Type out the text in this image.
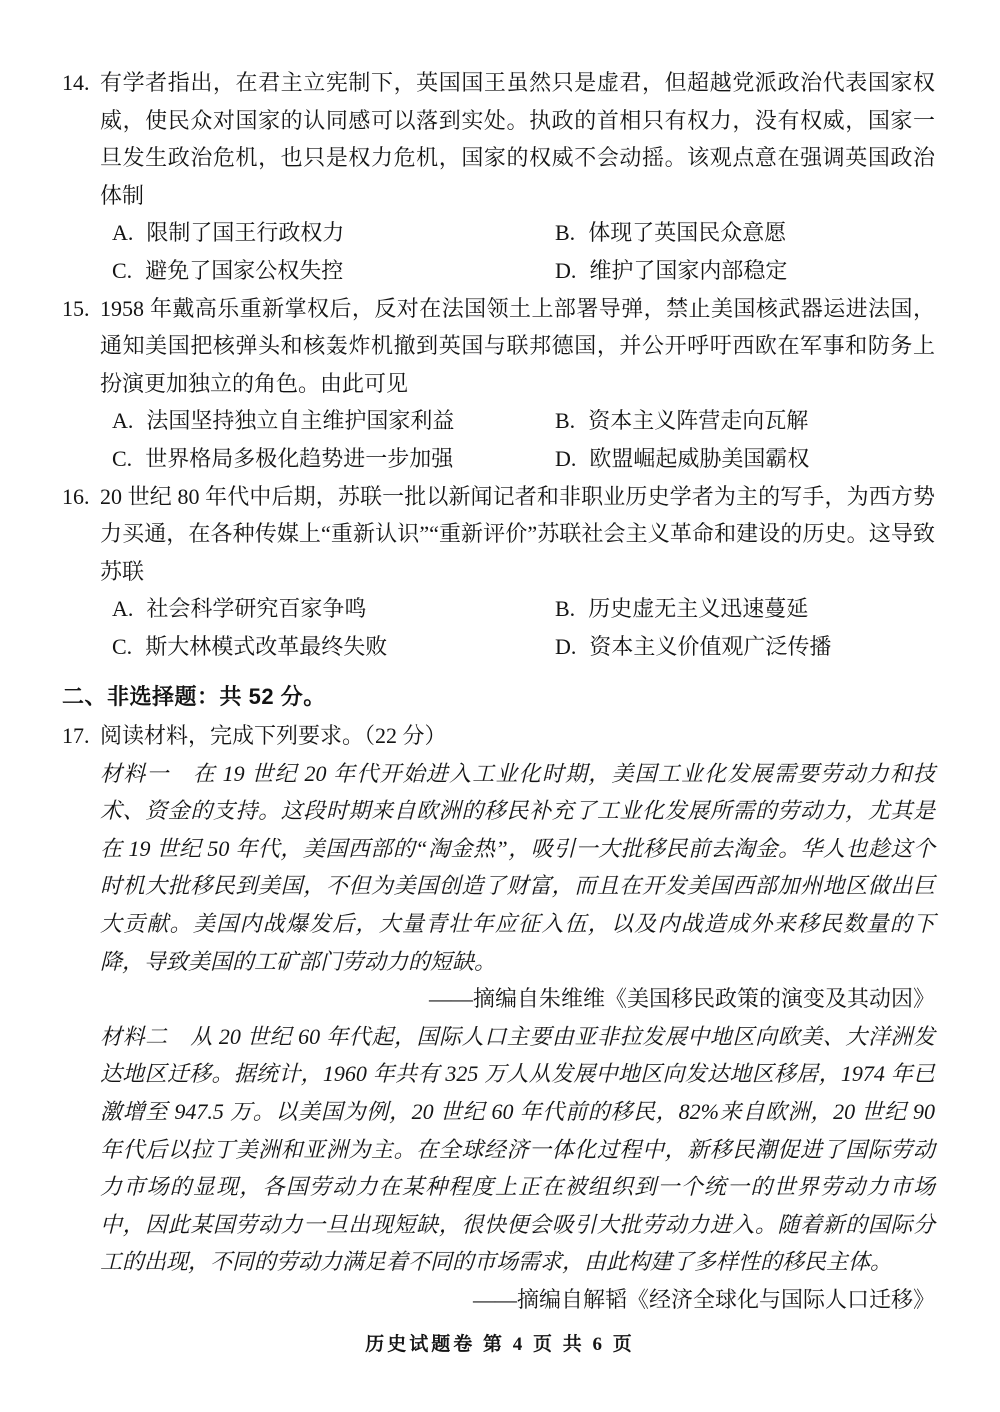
14. 有学者指出，在君主立宪制下，英国国王虽然只是虚君，但超越党派政治代表国家权威，使民众对国家的认同感可以落到实处。执政的首相只有权力，没有权威，国家一旦发生政治危机，也只是权力危机，国家的权威不会动摇。该观点意在强调英国政治体制
A. 限制了国王行政权力	B. 体现了英国民众意愿
C. 避免了国家公权失控	D. 维护了国家内部稳定
15. 1958 年戴高乐重新掌权后，反对在法国领土上部署导弹，禁止美国核武器运进法国，通知美国把核弹头和核轰炸机撤到英国与联邦德国，并公开呼吁西欧在军事和防务上扮演更加独立的角色。由此可见
A. 法国坚持独立自主维护国家利益	B. 资本主义阵营走向瓦解
C. 世界格局多极化趋势进一步加强	D. 欧盟崛起威胁美国霸权
16. 20 世纪 80 年代中后期，苏联一批以新闻记者和非职业历史学者为主的写手，为西方势力买通，在各种传媒上“重新认识”“重新评价”苏联社会主义革命和建设的历史。这导致苏联
A. 社会科学研究百家争鸣	B. 历史虚无主义迅速蔓延
C. 斯大林模式改革最终失败	D. 资本主义价值观广泛传播
二、非选择题：共 52 分。
17. 阅读材料，完成下列要求。（22 分）

材料一　在 19 世纪 20 年代开始进入工业化时期，美国工业化发展需要劳动力和技术、资金的支持。这段时期来自欧洲的移民补充了工业化发展所需的劳动力，尤其是在 19 世纪 50 年代，美国西部的“淘金热”，吸引一大批移民前去淘金。华人也趁这个时机大批移民到美国，不但为美国创造了财富，而且在开发美国西部加州地区做出巨大贡献。美国内战爆发后，大量青壮年应征入伍，以及内战造成外来移民数量的下降，导致美国的工矿部门劳动力的短缺。

——摘编自朱维维《美国移民政策的演变及其动因》

材料二　从 20 世纪 60 年代起，国际人口主要由亚非拉发展中地区向欧美、大洋洲发达地区迁移。据统计，1960 年共有 325 万人从发展中地区向发达地区移居，1974 年已激增至 947.5 万。以美国为例，20 世纪 60 年代前的移民，82%来自欧洲，20 世纪 90 年代后以拉丁美洲和亚洲为主。在全球经济一体化过程中，新移民潮促进了国际劳动力市场的显现，各国劳动力在某种程度上正在被组织到一个统一的世界劳动力市场中，因此某国劳动力一旦出现短缺，很快便会吸引大批劳动力进入。随着新的国际分工的出现，不同的劳动力满足着不同的市场需求，由此构建了多样性的移民主体。

——摘编自解韬《经济全球化与国际人口迁移》

历史试题卷 第 4 页 共 6 页
